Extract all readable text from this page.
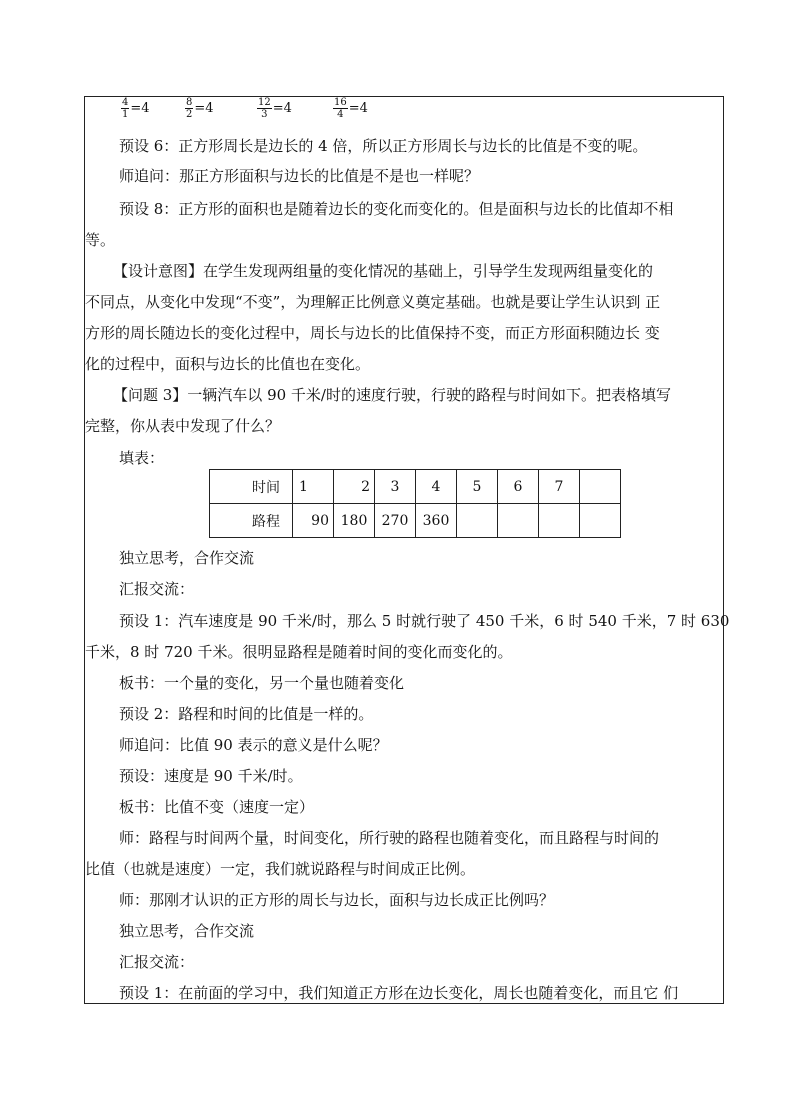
$\frac{4}{1} =4$	$\frac{8}{2} =4$	$\frac{12}{3} =4$	$\frac{16}{4} =4$
预设 6：正方形周长是边长的 4 倍，所以正方形周长与边长的比值是不变的呢。
师追问：那正方形面积与边长的比值是不是也一样呢？
预设 8：正方形的面积也是随着边长的变化而变化的。但是面积与边长的比值却不相
等。
【设计意图】在学生发现两组量的变化情况的基础上，引导学生发现两组量变化的
不同点，从变化中发现“不变”，为理解正比例意义奠定基础。也就是要让学生认识到 正
方形的周长随边长的变化过程中，周长与边长的比值保持不变，而正方形面积随边长 变
化的过程中，面积与边长的比值也在变化。
【问题 3】一辆汽车以 90 千米/时的速度行驶，行驶的路程与时间如下。把表格填写
完整，你从表中发现了什么？
填表：
独立思考，合作交流
汇报交流：
预设 1：汽车速度是 90 千米/时，那么 5 时就行驶了 450 千米，6 时 540 千米，7 时 630
千米，8 时 720 千米。很明显路程是随着时间的变化而变化的。
板书：一个量的变化，另一个量也随着变化
预设 2：路程和时间的比值是一样的。
师追问：比值 90 表示的意义是什么呢？
预设：速度是 90 千米/时。
板书：比值不变（速度一定）
师：路程与时间两个量，时间变化，所行驶的路程也随着变化，而且路程与时间的
比值（也就是速度）一定，我们就说路程与时间成正比例。
师：那刚才认识的正方形的周长与边长，面积与边长成正比例吗？
独立思考，合作交流
汇报交流：
预设 1：在前面的学习中，我们知道正方形在边长变化，周长也随着变化，而且它 们
时间	1	2	3	4	5	6	7	
路程	90	180	270	360				
